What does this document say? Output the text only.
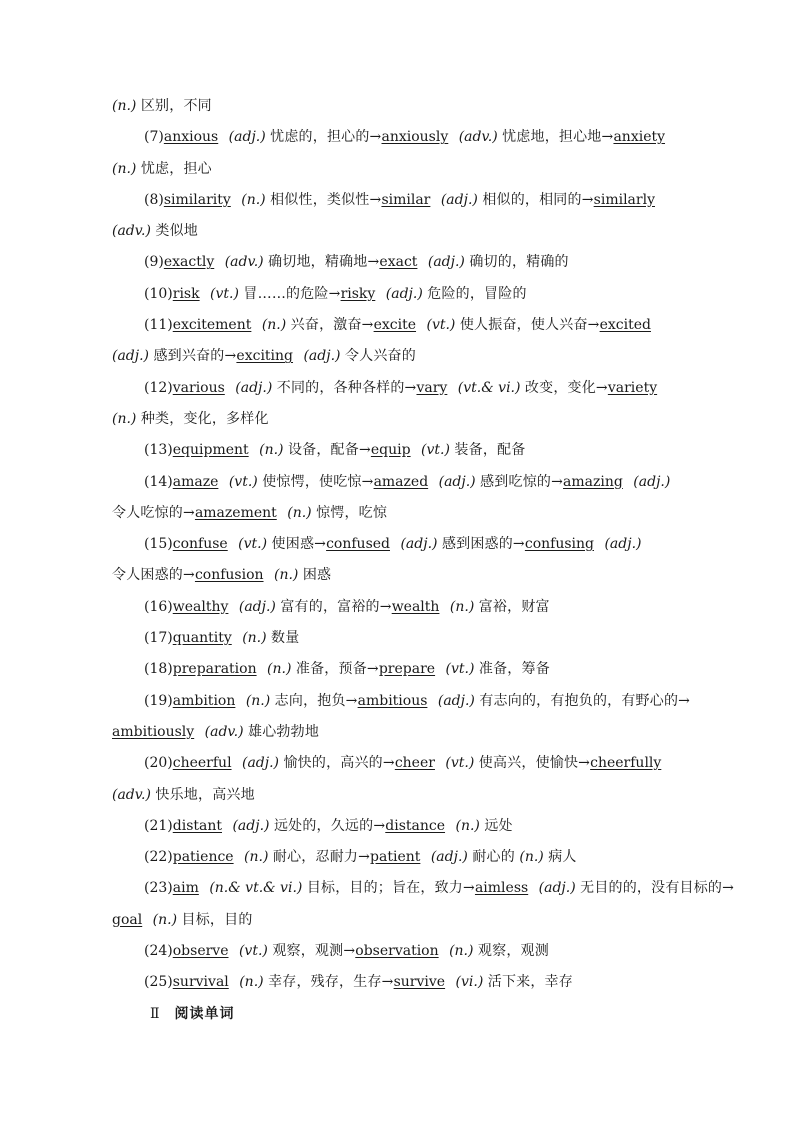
(n.) 区别，不同
(7)anxious (adj.) 忧虑的，担心的→anxiously (adv.) 忧虑地，担心地→anxiety
(n.) 忧虑，担心
(8)similarity (n.) 相似性，类似性→similar (adj.) 相似的，相同的→similarly
(adv.) 类似地
(9)exactly (adv.) 确切地，精确地→exact (adj.) 确切的，精确的
(10)risk (vt.) 冒……的危险→risky (adj.) 危险的，冒险的
(11)excitement (n.) 兴奋，激奋→excite (vt.) 使人振奋，使人兴奋→excited
(adj.) 感到兴奋的→exciting (adj.) 令人兴奋的
(12)various (adj.) 不同的，各种各样的→vary (vt.& vi.) 改变，变化→variety
(n.) 种类，变化，多样化
(13)equipment (n.) 设备，配备→equip (vt.) 装备，配备
(14)amaze (vt.) 使惊愕，使吃惊→amazed (adj.) 感到吃惊的→amazing (adj.)
令人吃惊的→amazement (n.) 惊愕，吃惊
(15)confuse (vt.) 使困惑→confused (adj.) 感到困惑的→confusing (adj.)
令人困惑的→confusion (n.) 困惑
(16)wealthy (adj.) 富有的，富裕的→wealth (n.) 富裕，财富
(17)quantity (n.) 数量
(18)preparation (n.) 准备，预备→prepare (vt.) 准备，筹备
(19)ambition (n.) 志向，抱负→ambitious (adj.) 有志向的，有抱负的，有野心的→
ambitiously (adv.) 雄心勃勃地
(20)cheerful (adj.) 愉快的，高兴的→cheer (vt.) 使高兴，使愉快→cheerfully
(adv.) 快乐地，高兴地
(21)distant (adj.) 远处的，久远的→distance (n.) 远处
(22)patience (n.) 耐心，忍耐力→patient (adj.) 耐心的 (n.) 病人
(23)aim (n.& vt.& vi.) 目标，目的；旨在，致力→aimless (adj.) 无目的的，没有目标的→
goal (n.) 目标，目的
(24)observe (vt.) 观察，观测→observation (n.) 观察，观测
(25)survival (n.) 幸存，残存，生存→survive (vi.) 活下来，幸存
Ⅱ 阅读单词
